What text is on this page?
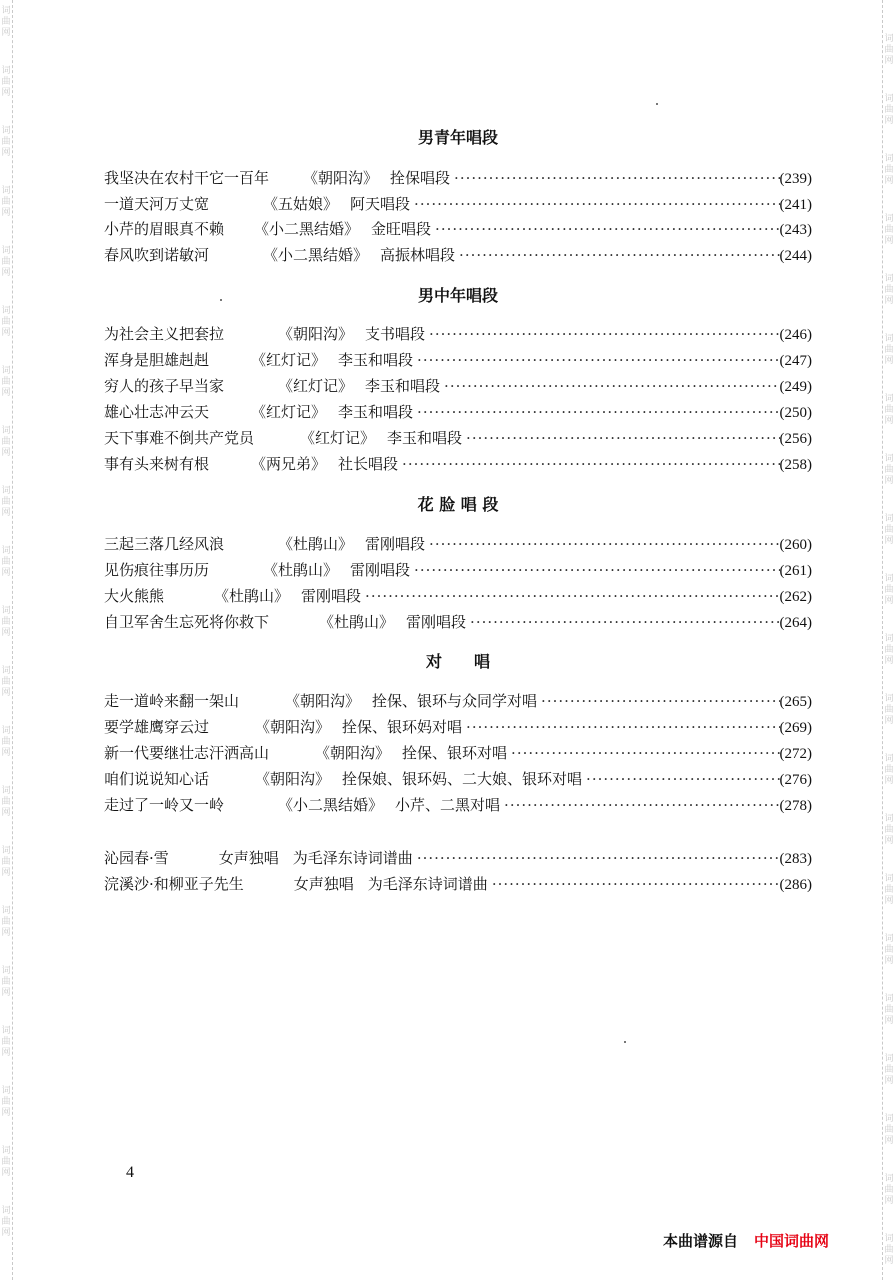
词
曲
网
词
曲
网
词
曲
网
词
曲
网
词
曲
网
词
曲
网
词
曲
网
词
曲
网
词
曲
网
词
曲
网
词
曲
网
词
曲
网
词
曲
网
词
曲
网
词
曲
网
词
曲
网
词
曲
网
词
曲
网
词
曲
网
词
曲
网
词
曲
网
词
曲
网
词
曲
网
词
曲
网
词
曲
网
词
曲
网
词
曲
网
词
曲
网
词
曲
网
词
曲
网
词
曲
网
词
曲
网
词
曲
网
词
曲
网
词
曲
网
词
曲
网
词
曲
网
词
曲
网
词
曲
网
词
曲
网
词
曲
网
词
曲
网
男青年唱段
我坚决在农村干它一百年 《朝阳沟》 拴保唱段 ·····	(239)
一道天河万丈宽	《五姑娘》 阿天唱段 ·····	(241)
小芹的眉眼真不赖 《小二黑结婚》 金旺唱段 ·····	(243)
春风吹到诺敏河	《小二黑结婚》 高振林唱段 ·····	(244)
男中年唱段
为社会主义把套拉	《朝阳沟》 支书唱段 ·····	(246)
浑身是胆雄赳赳	《红灯记》 李玉和唱段 ·····	(247)
穷人的孩子早当家	《红灯记》 李玉和唱段 ·····	(249)
雄心壮志冲云天	《红灯记》 李玉和唱段 ·····	(250)
天下事难不倒共产党员	《红灯记》 李玉和唱段 ·····	(256)
事有头来树有根	《两兄弟》 社长唱段 ·····	(258)
花 脸 唱 段
三起三落几经风浪	《杜鹃山》 雷刚唱段 ·····	(260)
见伤痕往事历历	《杜鹃山》 雷刚唱段 ·····	(261)
大火熊熊	《杜鹃山》 雷刚唱段 ·····	(262)
自卫军舍生忘死将你救下	《杜鹃山》 雷刚唱段 ·····	(264)
对　　唱
走一道岭来翻一架山	《朝阳沟》 拴保、银环与众同学对唱 ·····	(265)
要学雄鹰穿云过	《朝阳沟》 拴保、银环妈对唱 ·····	(269)
新一代要继壮志汗洒高山	《朝阳沟》 拴保、银环对唱 ·····	(272)
咱们说说知心话	《朝阳沟》 拴保娘、银环妈、二大娘、银环对唱 ·····	(276)
走过了一岭又一岭	《小二黑结婚》 小芹、二黑对唱 ·····	(278)
沁园春·雪	女声独唱 为毛泽东诗词谱曲 ·····	(283)
浣溪沙·和柳亚子先生	女声独唱 为毛泽东诗词谱曲 ·····	(286)
4
本曲谱源自 中国词曲网
